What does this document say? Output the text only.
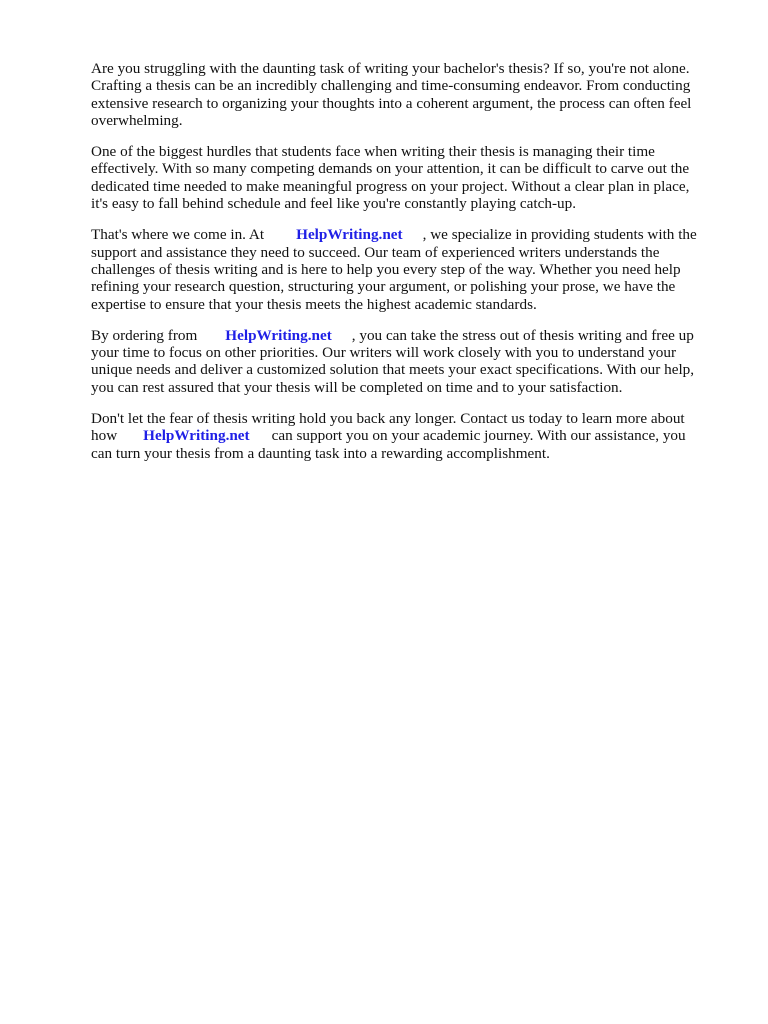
Are you struggling with the daunting task of writing your bachelor's thesis? If so, you're not alone.
Crafting a thesis can be an incredibly challenging and time-consuming endeavor. From conducting
extensive research to organizing your thoughts into a coherent argument, the process can often feel
overwhelming.
One of the biggest hurdles that students face when writing their thesis is managing their time
effectively. With so many competing demands on your attention, it can be difficult to carve out the
dedicated time needed to make meaningful progress on your project. Without a clear plan in place,
it's easy to fall behind schedule and feel like you're constantly playing catch-up.
That's where we come in. At HelpWriting.net , we specialize in providing students with the
support and assistance they need to succeed. Our team of experienced writers understands the
challenges of thesis writing and is here to help you every step of the way. Whether you need help
refining your research question, structuring your argument, or polishing your prose, we have the
expertise to ensure that your thesis meets the highest academic standards.
By ordering from HelpWriting.net , you can take the stress out of thesis writing and free up
your time to focus on other priorities. Our writers will work closely with you to understand your
unique needs and deliver a customized solution that meets your exact specifications. With our help,
you can rest assured that your thesis will be completed on time and to your satisfaction.
Don't let the fear of thesis writing hold you back any longer. Contact us today to learn more about
how HelpWriting.net can support you on your academic journey. With our assistance, you
can turn your thesis from a daunting task into a rewarding accomplishment.
